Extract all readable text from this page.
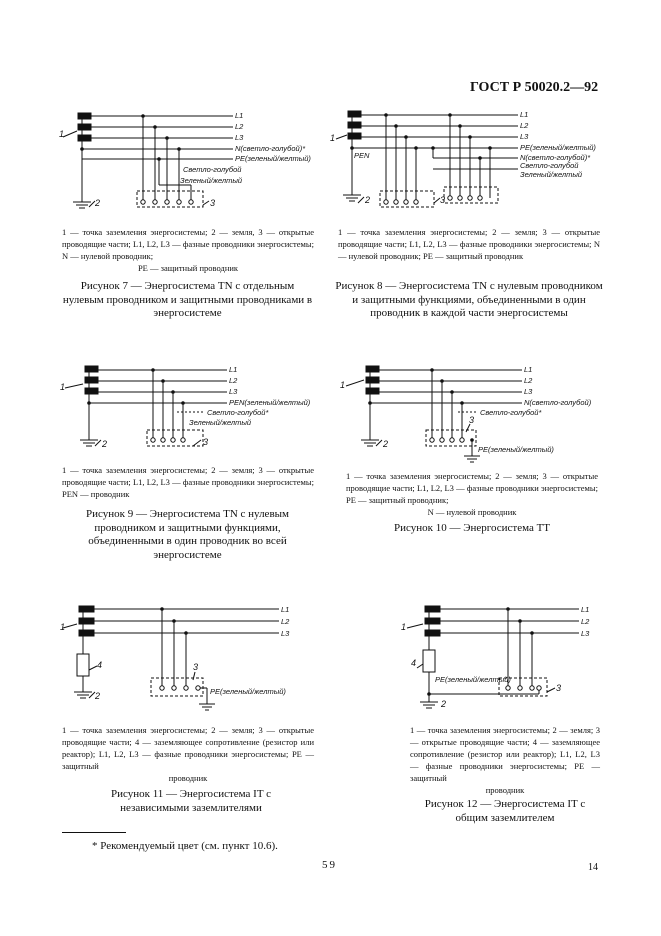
ГОСТ Р 50020.2—92
L1
L2
L3
N(светло-голубой)*
PE(зеленый/желтый)
Светло-голубой
Зеленый/желтый
1
2	3
1 — точка заземления энергосистемы; 2 — земля, 3 — открытые проводящие части; L1, L2, L3 — фазные проводники энергосистемы; N — нулевой проводник;
PE — защитный проводник
Рисунок 7 — Энергосистема TN с отдельным нулевым проводником и защитными проводниками в энергосистеме
L1
L2
L3
PEN
PE(зеленый/желтый)
N(светло-голубой)*
Светло-голубой
Зеленый/желтый
1
2	3
1 — точка заземления энергосистемы; 2 — земля; 3 — открытые проводящие части; L1, L2, L3 — фазные проводники энергосистемы; N — нулевой проводник; PE — защитный проводник
Рисунок 8 — Энергосистема TN с нулевым проводником и защитными функциями, объединенными в один проводник в каждой части энергосистемы
L1
L2
L3
PEN(зеленый/желтый)
Светло-голубой*
Зеленый/желтый
1
2	3
1 — точка заземления энергосистемы; 2 — земля; 3 — открытые проводящие части; L1, L2, L3 — фазные проводники энергосистемы; PEN — проводник
Рисунок 9 — Энергосистема TN с нулевым проводником и защитными функциями, объединенными в один проводник во всей энергосистеме
L1
L2
L3
N(светло-голубой)
Светло-голубой*
PE(зеленый/желтый)
1
2
3
1 — точка заземления энергосистемы; 2 — земля; 3 — открытые проводящие части; L1, L2, L3 — фазные проводники энергосистемы; PE — защитный проводник;
N — нулевой проводник
Рисунок 10 — Энергосистема ТТ
L1
L2
L3
PE(зеленый/желтый)
1
2
3
4
1 — точка заземления энергосистемы; 2 — земля; 3 — открытые проводящие части; 4 — заземляющее сопротивление (резистор или реактор); L1, L2, L3 — фазные проводники энергосистемы; PE — защитный
проводник
Рисунок 11 — Энергосистема IT с независимыми заземлителями
L1
L2
L3
PE(зеленый/желтый)
1
2
3
4
1 — точка заземления энергосистемы; 2 — земля; 3 — открытые проводящие части; 4 — заземляющее сопротивление (резистор или реактор); L1, L2, L3 — фазные проводники энергосистемы; PE — защитный
проводник
Рисунок 12 — Энергосистема IT с общим заземлителем
* Рекомендуемый цвет (см. пункт 10.6).
59	14
